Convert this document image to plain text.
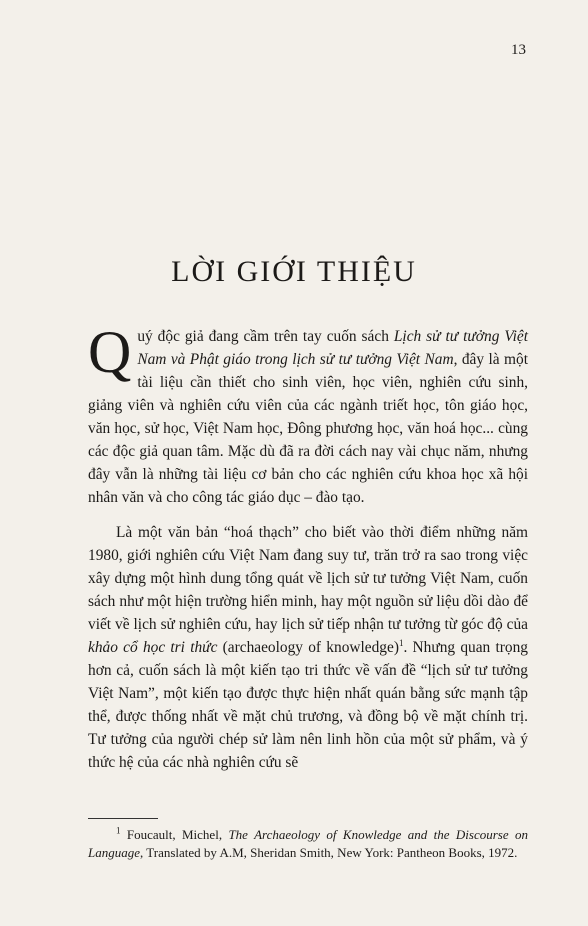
13
LỜI GIỚI THIỆU

Quý độc giả đang cầm trên tay cuốn sách Lịch sử tư tưởng Việt Nam và Phật giáo trong lịch sử tư tưởng Việt Nam, đây là một tài liệu cần thiết cho sinh viên, học viên, nghiên cứu sinh, giảng viên và nghiên cứu viên của các ngành triết học, tôn giáo học, văn học, sử học, Việt Nam học, Đông phương học, văn hoá học... cùng các độc giả quan tâm. Mặc dù đã ra đời cách nay vài chục năm, nhưng đây vẫn là những tài liệu cơ bản cho các nghiên cứu khoa học xã hội nhân văn và cho công tác giáo dục – đào tạo.

Là một văn bản “hoá thạch” cho biết vào thời điểm những năm 1980, giới nghiên cứu Việt Nam đang suy tư, trăn trở ra sao trong việc xây dựng một hình dung tổng quát về lịch sử tư tưởng Việt Nam, cuốn sách như một hiện trường hiển minh, hay một nguồn sử liệu dồi dào để viết về lịch sử nghiên cứu, hay lịch sử tiếp nhận tư tưởng từ góc độ của khảo cổ học tri thức (archaeology of knowledge)$^1$. Nhưng quan trọng hơn cả, cuốn sách là một kiến tạo tri thức về vấn đề “lịch sử tư tưởng Việt Nam”, một kiến tạo được thực hiện nhất quán bằng sức mạnh tập thể, được thống nhất về mặt chủ trương, và đồng bộ về mặt chính trị. Tư tưởng của người chép sử làm nên linh hồn của một sử phẩm, và ý thức hệ của các nhà nghiên cứu sẽ

$^1$ Foucault, Michel, The Archaeology of Knowledge and the Discourse on Language, Translated by A.M, Sheridan Smith, New York: Pantheon Books, 1972.
